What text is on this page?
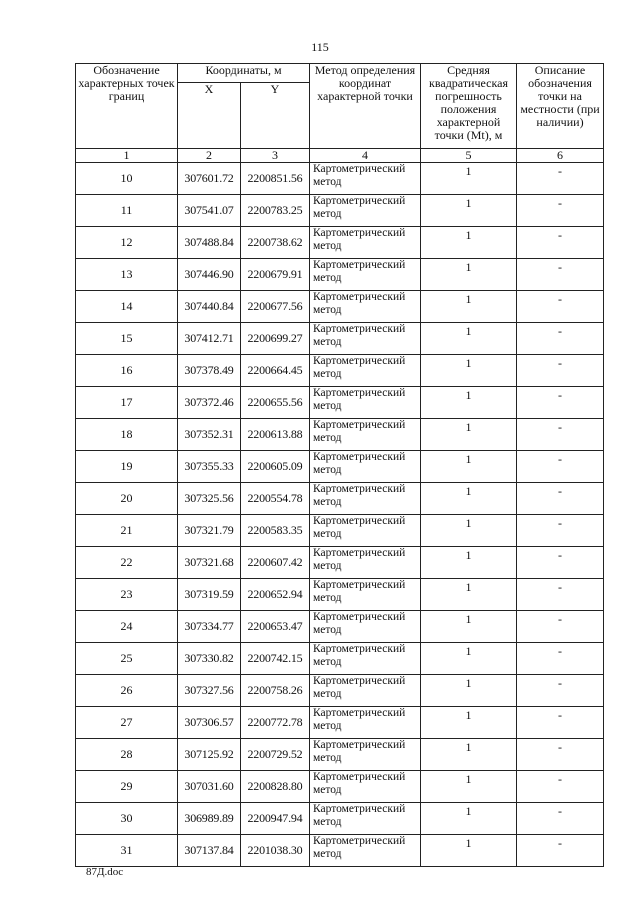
115
Обозначение характерных точек границ	Координаты, м		Метод определения координат характерной точки	Средняя квадратическая погрешность положения характерной точки (Mt), м	Описание обозначения точки на местности (при наличии)
	X	Y			
1	2	3	4	5	6
10	307601.72	2200851.56	Картометрический метод	1	-
11	307541.07	2200783.25	Картометрический метод	1	-
12	307488.84	2200738.62	Картометрический метод	1	-
13	307446.90	2200679.91	Картометрический метод	1	-
14	307440.84	2200677.56	Картометрический метод	1	-
15	307412.71	2200699.27	Картометрический метод	1	-
16	307378.49	2200664.45	Картометрический метод	1	-
17	307372.46	2200655.56	Картометрический метод	1	-
18	307352.31	2200613.88	Картометрический метод	1	-
19	307355.33	2200605.09	Картометрический метод	1	-
20	307325.56	2200554.78	Картометрический метод	1	-
21	307321.79	2200583.35	Картометрический метод	1	-
22	307321.68	2200607.42	Картометрический метод	1	-
23	307319.59	2200652.94	Картометрический метод	1	-
24	307334.77	2200653.47	Картометрический метод	1	-
25	307330.82	2200742.15	Картометрический метод	1	-
26	307327.56	2200758.26	Картометрический метод	1	-
27	307306.57	2200772.78	Картометрический метод	1	-
28	307125.92	2200729.52	Картометрический метод	1	-
29	307031.60	2200828.80	Картометрический метод	1	-
30	306989.89	2200947.94	Картометрический метод	1	-
31	307137.84	2201038.30	Картометрический метод	1	-
87Д.doc
